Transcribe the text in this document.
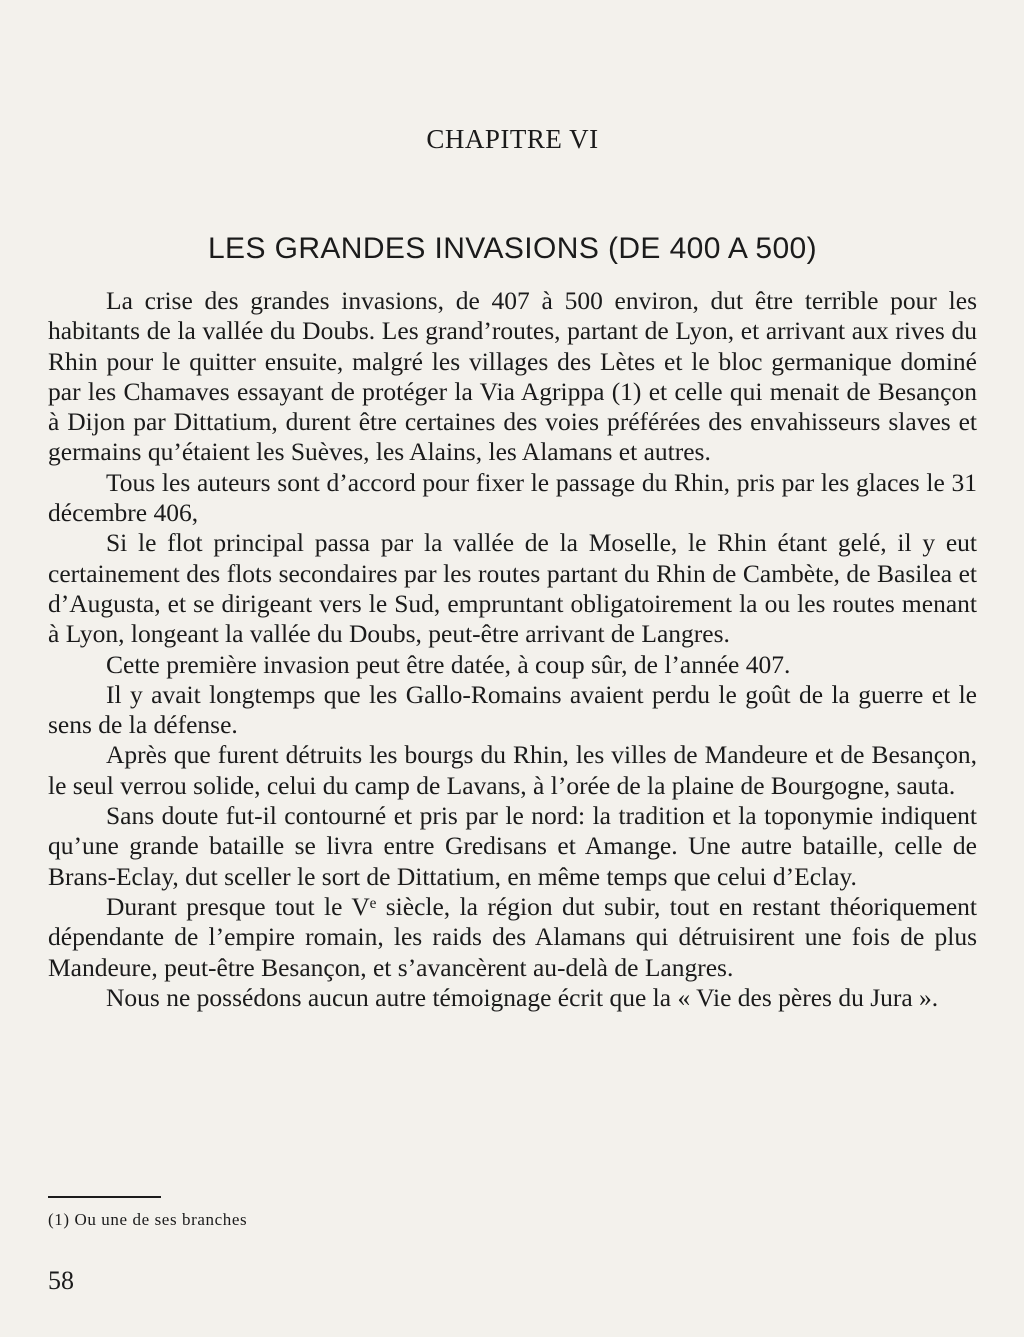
CHAPITRE VI
LES GRANDES INVASIONS (DE 400 A 500)

La crise des grandes invasions, de 407 à 500 environ, dut être terrible pour les habitants de la vallée du Doubs. Les grand’routes, partant de Lyon, et arrivant aux rives du Rhin pour le quitter ensuite, malgré les villages des Lètes et le bloc germanique dominé par les Chamaves essayant de protéger la Via Agrippa (1) et celle qui menait de Besançon à Dijon par Dittatium, durent être certaines des voies préférées des envahisseurs slaves et germains qu’étaient les Suèves, les Alains, les Alamans et autres.

Tous les auteurs sont d’accord pour fixer le passage du Rhin, pris par les glaces le 31 décembre 406,

Si le flot principal passa par la vallée de la Moselle, le Rhin étant gelé, il y eut certainement des flots secondaires par les routes partant du Rhin de Cambète, de Basilea et d’Augusta, et se dirigeant vers le Sud, empruntant obligatoirement la ou les routes menant à Lyon, longeant la vallée du Doubs, peut-être arrivant de Langres.

Cette première invasion peut être datée, à coup sûr, de l’année 407.

Il y avait longtemps que les Gallo-Romains avaient perdu le goût de la guerre et le sens de la défense.

Après que furent détruits les bourgs du Rhin, les villes de Mandeure et de Besançon, le seul verrou solide, celui du camp de Lavans, à l’orée de la plaine de Bourgogne, sauta.

Sans doute fut-il contourné et pris par le nord: la tradition et la toponymie indiquent qu’une grande bataille se livra entre Gredisans et Amange. Une autre bataille, celle de Brans-Eclay, dut sceller le sort de Dittatium, en même temps que celui d’Eclay.

Durant presque tout le Vᵉ siècle, la région dut subir, tout en restant théoriquement dépendante de l’empire romain, les raids des Alamans qui détruisirent une fois de plus Mandeure, peut-être Besançon, et s’avancèrent au-delà de Langres.

Nous ne possédons aucun autre témoignage écrit que la « Vie des pères du Jura ».

(1) Ou une de ses branches
58
